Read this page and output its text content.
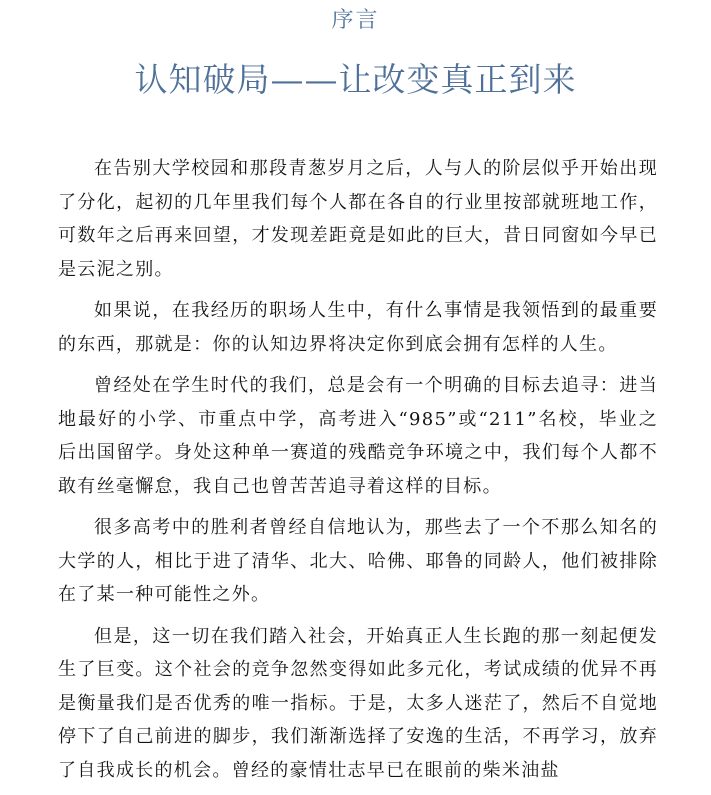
序言
认知破局——让改变真正到来

在告别大学校园和那段青葱岁月之后，人与人的阶层似乎开始出现了分化，起初的几年里我们每个人都在各自的行业里按部就班地工作，可数年之后再来回望，才发现差距竟是如此的巨大，昔日同窗如今早已是云泥之别。

如果说，在我经历的职场人生中，有什么事情是我领悟到的最重要的东西，那就是：你的认知边界将决定你到底会拥有怎样的人生。

曾经处在学生时代的我们，总是会有一个明确的目标去追寻：进当地最好的小学、市重点中学，高考进入“985”或“211”名校，毕业之后出国留学。身处这种单一赛道的残酷竞争环境之中，我们每个人都不敢有丝毫懈怠，我自己也曾苦苦追寻着这样的目标。

很多高考中的胜利者曾经自信地认为，那些去了一个不那么知名的大学的人，相比于进了清华、北大、哈佛、耶鲁的同龄人，他们被排除在了某一种可能性之外。

但是，这一切在我们踏入社会，开始真正人生长跑的那一刻起便发生了巨变。这个社会的竞争忽然变得如此多元化，考试成绩的优异不再是衡量我们是否优秀的唯一指标。于是，太多人迷茫了，然后不自觉地停下了自己前进的脚步，我们渐渐选择了安逸的生活，不再学习，放弃了自我成长的机会。曾经的豪情壮志早已在眼前的柴米油盐
